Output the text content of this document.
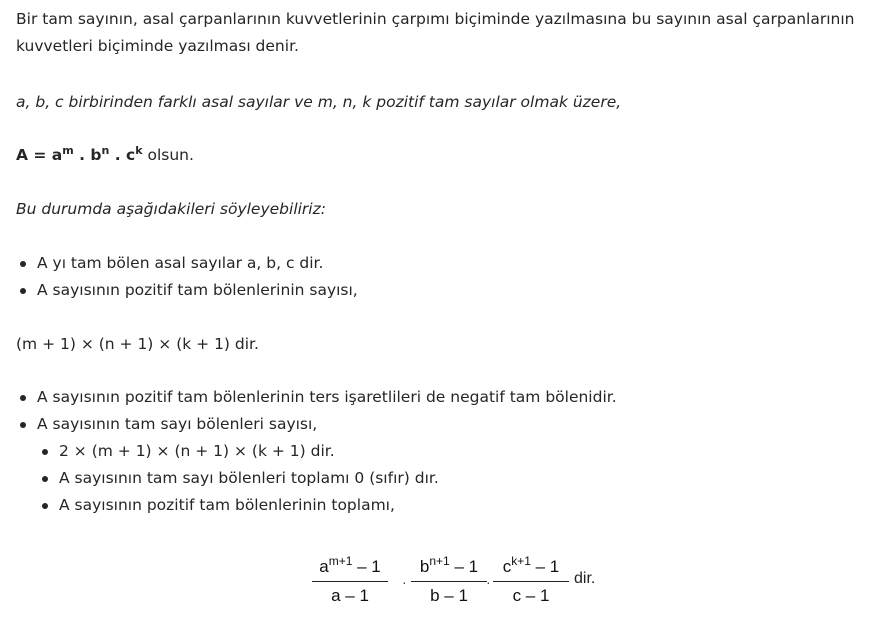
Bir tam sayının, asal çarpanlarının kuvvetlerinin çarpımı biçiminde yazılmasına bu sayının asal çarpanlarının kuvvetleri biçiminde yazılması denir.

a, b, c birbirinden farklı asal sayılar ve m, n, k pozitif tam sayılar olmak üzere,

$A = a^m$ . $b^n$ . $c^k$ olsun.

Bu durumda aşağıdakileri söyleyebiliriz:

A yı tam bölen asal sayılar a, b, c dir.
A sayısının pozitif tam bölenlerinin sayısı,

(m + 1) × (n + 1) × (k + 1) dir.

A sayısının pozitif tam bölenlerinin ters işaretlileri de negatif tam bölenidir.
A sayısının tam sayı bölenleri sayısı,
2 × (m + 1) × (n + 1) × (k + 1) dir.
A sayısının tam sayı bölenleri toplamı 0 (sıfır) dır.
A sayısının pozitif tam bölenlerinin toplamı,
$\frac{a^{m+1} - 1}{a - 1} \cdot \frac{b^{n+1} - 1}{b - 1} \cdot \frac{c^{k+1} - 1}{c - 1}$ dir.
